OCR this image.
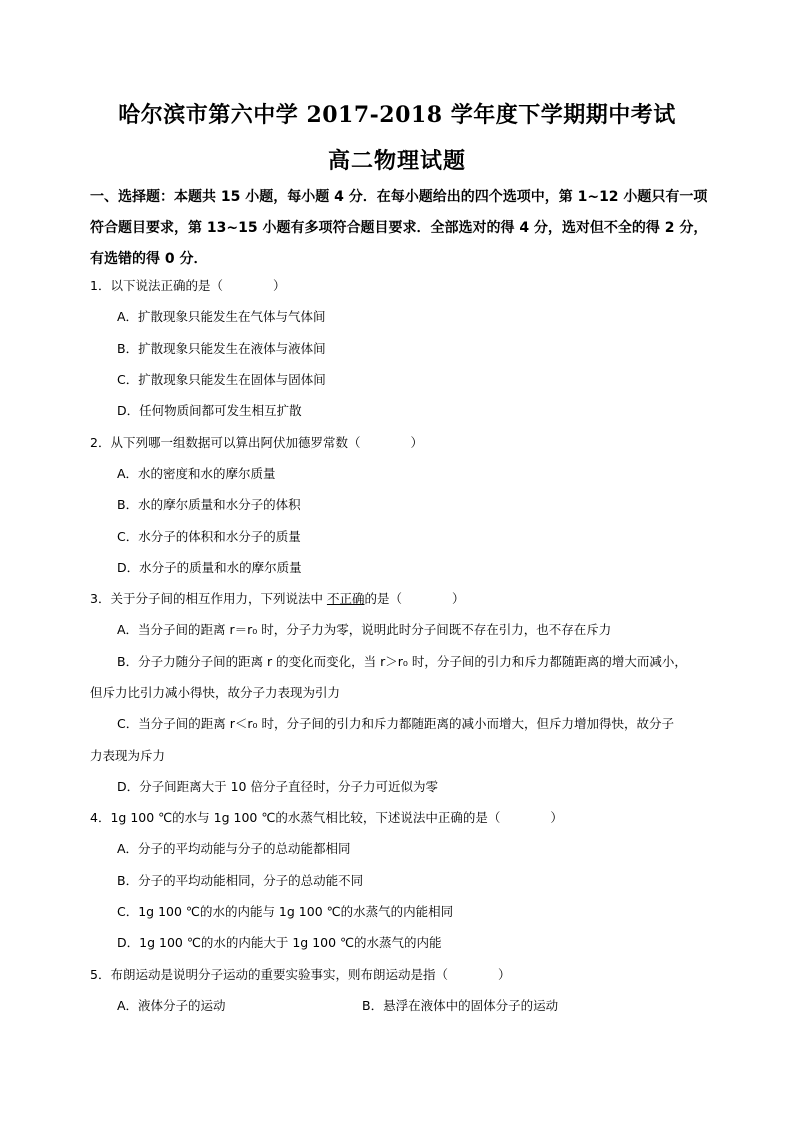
哈尔滨市第六中学 2017-2018 学年度下学期期中考试
高二物理试题
一、选择题：本题共 15 小题，每小题 4 分．在每小题给出的四个选项中，第 1~12 小题只有一项符合题目要求，第 13~15 小题有多项符合题目要求．全部选对的得 4 分，选对但不全的得 2 分，有选错的得 0 分．
1．以下说法正确的是（　　　　）
A．扩散现象只能发生在气体与气体间
B．扩散现象只能发生在液体与液体间
C．扩散现象只能发生在固体与固体间
D．任何物质间都可发生相互扩散
2．从下列哪一组数据可以算出阿伏加德罗常数（　　　　）
A．水的密度和水的摩尔质量
B．水的摩尔质量和水分子的体积
C．水分子的体积和水分子的质量
D．水分子的质量和水的摩尔质量
3．关于分子间的相互作用力，下列说法中 不正确的是（　　　　）
A．当分子间的距离 r＝r₀ 时，分子力为零，说明此时分子间既不存在引力，也不存在斥力
B．分子力随分子间的距离 r 的变化而变化，当 r＞r₀ 时，分子间的引力和斥力都随距离的增大而减小，
但斥力比引力减小得快，故分子力表现为引力
C．当分子间的距离 r＜r₀ 时，分子间的引力和斥力都随距离的减小而增大，但斥力增加得快，故分子
力表现为斥力
D．分子间距离大于 10 倍分子直径时，分子力可近似为零
4．1g 100 ℃的水与 1g 100 ℃的水蒸气相比较，下述说法中正确的是（　　　　）
A．分子的平均动能与分子的总动能都相同
B．分子的平均动能相同，分子的总动能不同
C．1g 100 ℃的水的内能与 1g 100 ℃的水蒸气的内能相同
D．1g 100 ℃的水的内能大于 1g 100 ℃的水蒸气的内能
5．布朗运动是说明分子运动的重要实验事实，则布朗运动是指（　　　　）
A．液体分子的运动	B．悬浮在液体中的固体分子的运动
